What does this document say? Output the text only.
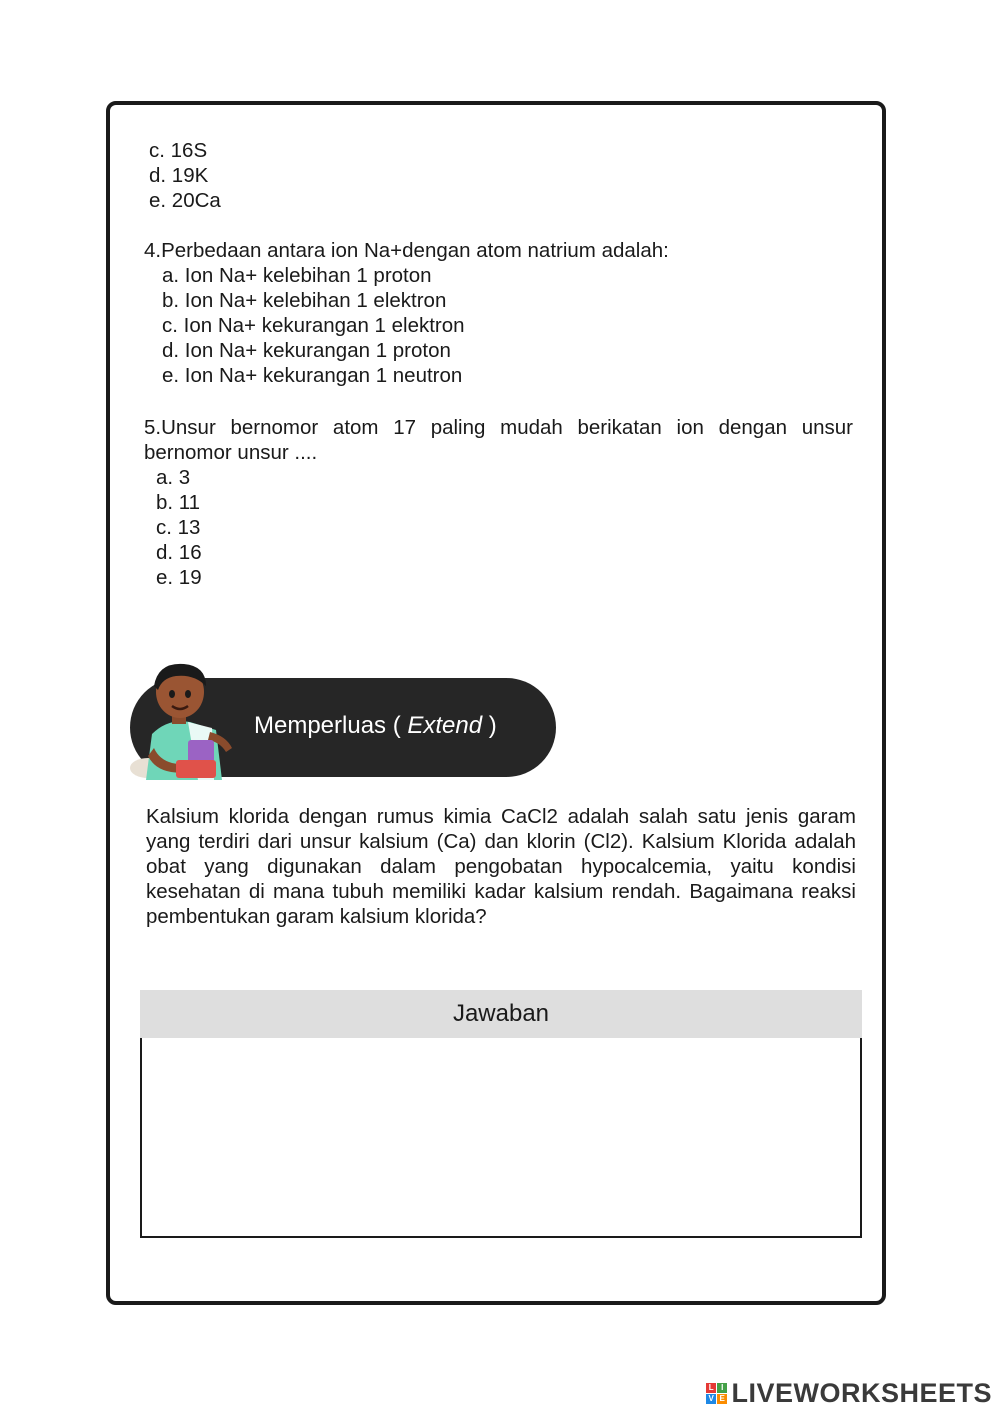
c. 16S
d. 19K
e. 20Ca
4.Perbedaan antara ion Na+dengan atom natrium adalah:
a. Ion Na+ kelebihan 1 proton
b. Ion Na+ kelebihan 1 elektron
c. Ion Na+ kekurangan 1 elektron
d. Ion Na+ kekurangan 1 proton
e. Ion Na+ kekurangan 1 neutron
5.Unsur bernomor atom 17 paling mudah berikatan ion dengan unsur
bernomor unsur ....
a. 3
b. 11
c. 13
d. 16
e. 19
Memperluas ( Extend )
Kalsium klorida dengan rumus kimia CaCl2 adalah salah satu jenis garam yang terdiri dari unsur kalsium (Ca) dan klorin (Cl2). Kalsium Klorida adalah obat yang digunakan dalam pengobatan hypocalcemia, yaitu kondisi kesehatan di mana tubuh memiliki kadar kalsium rendah. Bagaimana reaksi pembentukan garam kalsium klorida?
Jawaban
L I
V E LIVEWORKSHEETS
